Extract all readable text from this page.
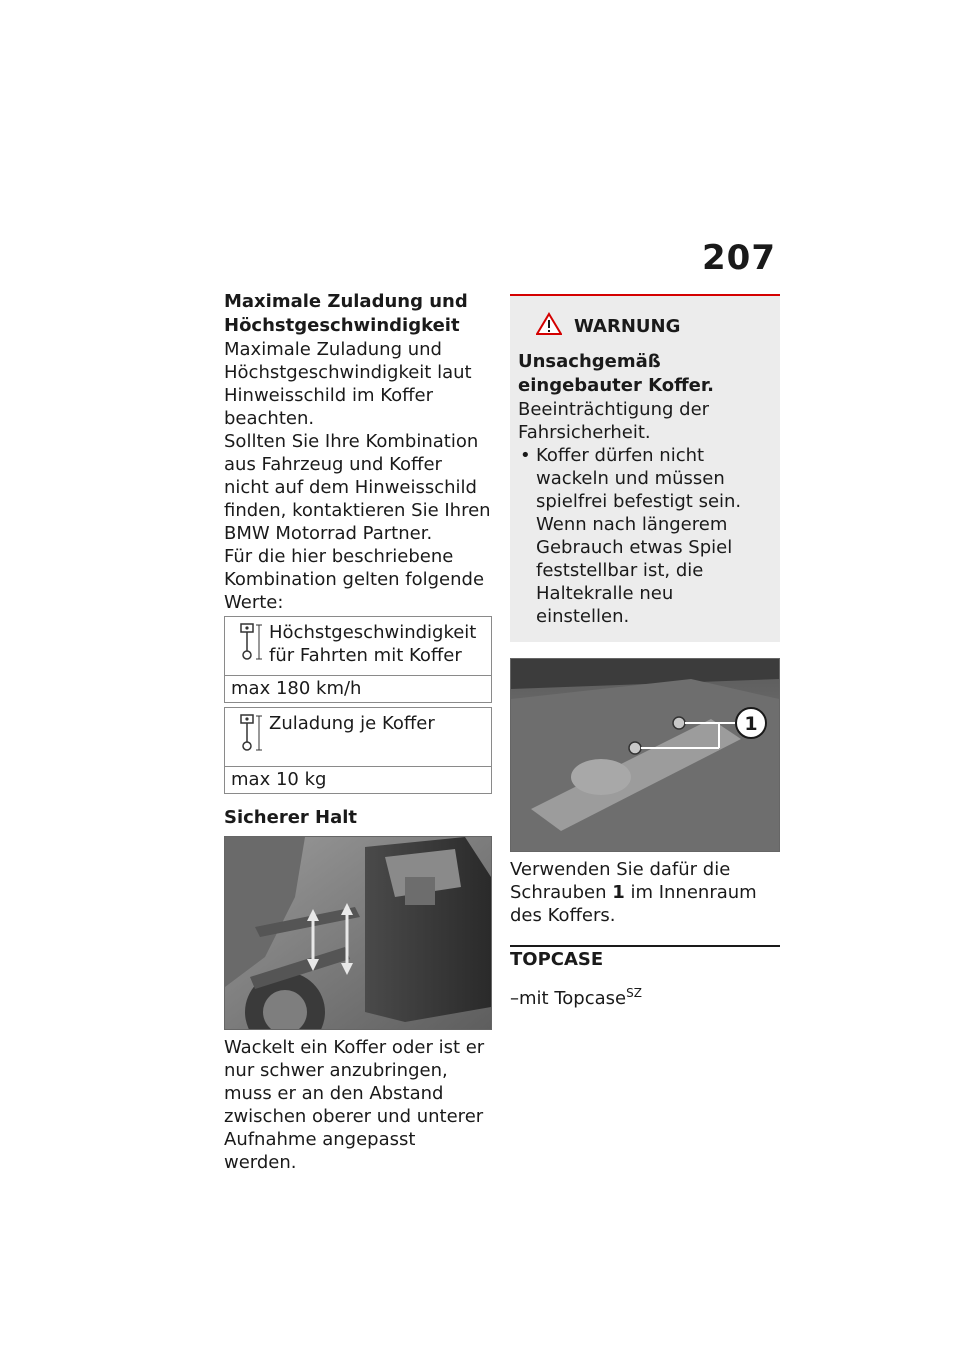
207

Maximale Zuladung und Höchstgeschwindigkeit

Maximale Zuladung und Höchstgeschwindigkeit laut Hinweisschild im Koffer beachten.

Sollten Sie Ihre Kombination aus Fahrzeug und Koffer nicht auf dem Hinweisschild finden, kontaktieren Sie Ihren BMW Motorrad Partner.

Für die hier beschriebene Kombination gelten folgende Werte:

Höchstgeschwindigkeit für Fahrten mit Koffer
max 180 km/h
Zuladung je Koffer
max 10 kg

Sicherer Halt

Wackelt ein Koffer oder ist er nur schwer anzubringen, muss er an den Abstand zwischen oberer und unterer Aufnahme angepasst werden.

WARNUNG

Unsachgemäß eingebauter Koffer.

Beeinträchtigung der Fahrsicherheit.

• Koffer dürfen nicht wackeln und müssen spielfrei befestigt sein. Wenn nach längerem Gebrauch etwas Spiel feststellbar ist, die Haltekralle neu einstellen.
1

Verwenden Sie dafür die Schrauben 1 im Innenraum des Koffers.

TOPCASE

–mit Topcase$^{SZ}$
